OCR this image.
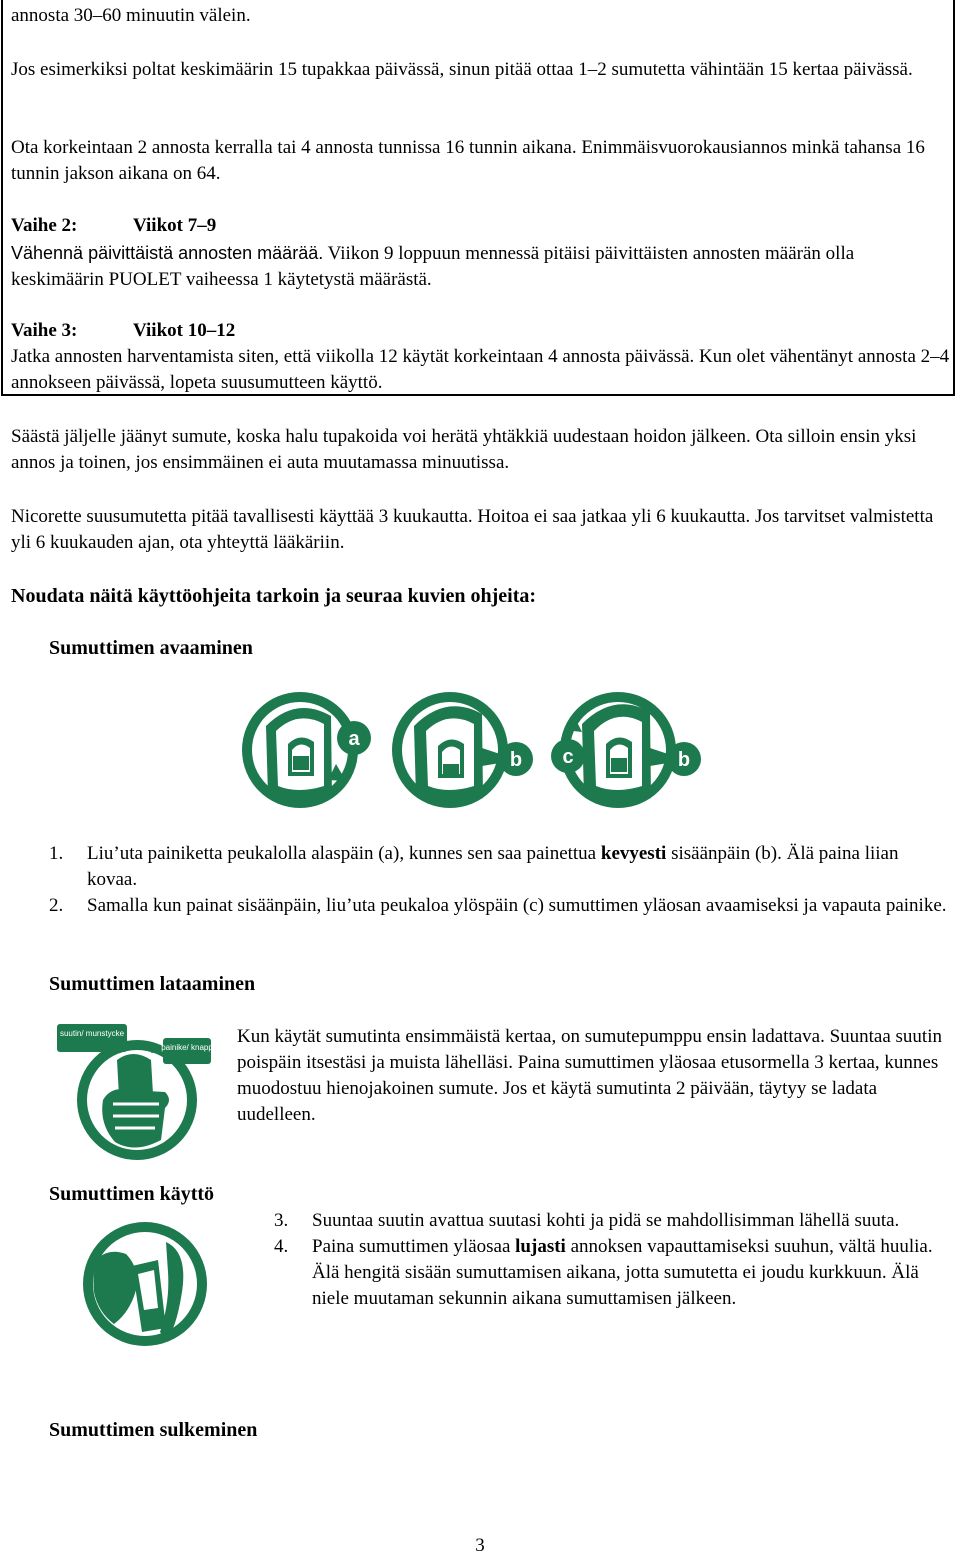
annosta 30–60 minuutin välein.

Jos esimerkiksi poltat keskimäärin 15 tupakkaa päivässä, sinun pitää ottaa 1–2 sumutetta vähintään 15 kertaa päivässä.

Ota korkeintaan 2 annosta kerralla tai 4 annosta tunnissa 16 tunnin aikana. Enimmäisvuorokausiannos minkä tahansa 16 tunnin jakson aikana on 64.

Vaihe 2:	Viikot 7–9

Vähennä päivittäistä annosten määrää. Viikon 9 loppuun mennessä pitäisi päivittäisten annosten määrän olla keskimäärin PUOLET vaiheessa 1 käytetystä määrästä.

Vaihe 3:	Viikot 10–12

Jatka annosten harventamista siten, että viikolla 12 käytät korkeintaan 4 annosta päivässä. Kun olet vähentänyt annosta 2–4 annokseen päivässä, lopeta suusumutteen käyttö.

Säästä jäljelle jäänyt sumute, koska halu tupakoida voi herätä yhtäkkiä uudestaan hoidon jälkeen. Ota silloin ensin yksi annos ja toinen, jos ensimmäinen ei auta muutamassa minuutissa.

Nicorette suusumutetta pitää tavallisesti käyttää 3 kuukautta. Hoitoa ei saa jatkaa yli 6 kuukautta. Jos tarvitset valmistetta yli 6 kuukauden ajan, ota yhteyttä lääkäriin.

Noudata näitä käyttöohjeita tarkoin ja seuraa kuvien ohjeita:

Sumuttimen avaaminen

a
b c	b
1. Liu’uta painiketta peukalolla alaspäin (a), kunnes sen saa painettua kevyesti sisäänpäin (b). Älä paina liian kovaa.
2. Samalla kun painat sisäänpäin, liu’uta peukaloa ylöspäin (c) sumuttimen yläosan avaamiseksi ja vapauta painike.

Sumuttimen lataaminen

suutin/ munstycke
painike/ knapp

Kun käytät sumutinta ensimmäistä kertaa, on sumutepumppu ensin ladattava. Suuntaa suutin poispäin itsestäsi ja muista lähelläsi. Paina sumuttimen yläosaa etusormella 3 kertaa, kunnes muodostuu hienojakoinen sumute. Jos et käytä sumutinta 2 päivään, täytyy se ladata uudelleen.

Sumuttimen käyttö

3. Suuntaa suutin avattua suutasi kohti ja pidä se mahdollisimman lähellä suuta.
4. Paina sumuttimen yläosaa lujasti annoksen vapauttamiseksi suuhun, vältä huulia. Älä hengitä sisään sumuttamisen aikana, jotta sumutetta ei joudu kurkkuun. Älä niele muutaman sekunnin aikana sumuttamisen jälkeen.

Sumuttimen sulkeminen

3
